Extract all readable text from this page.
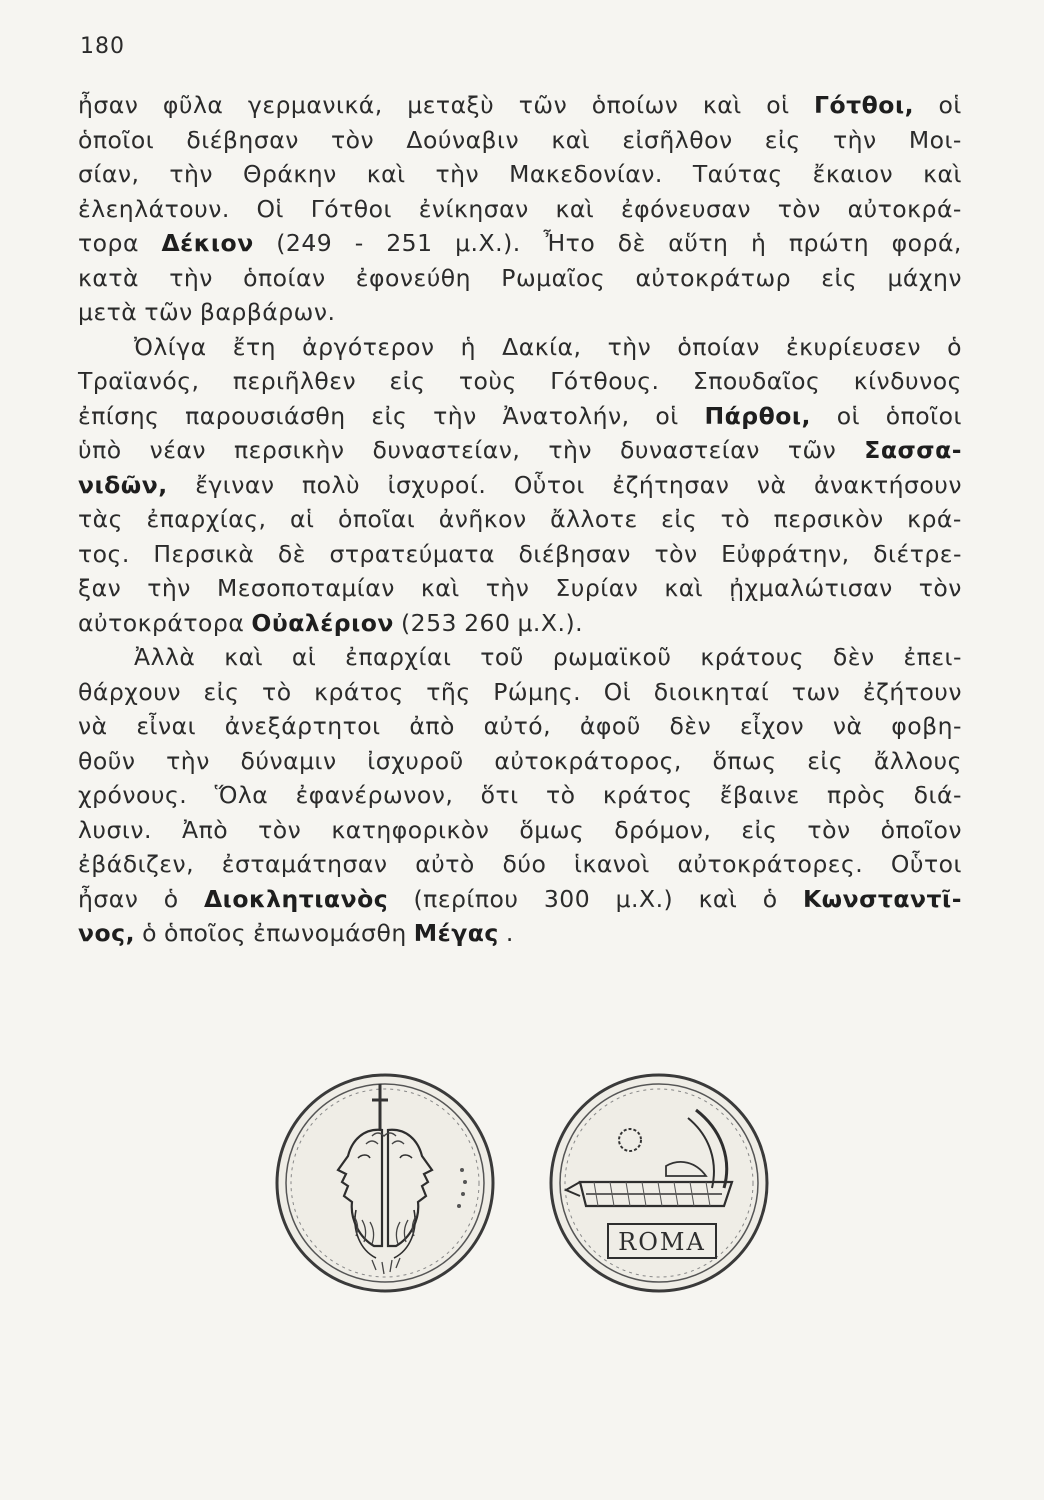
180
ἦσαν φῦλα γερμανικά, μεταξὺ τῶν ὁποίων καὶ οἱ Γότθοι, οἱ
ὁποῖοι διέβησαν τὸν Δούναβιν καὶ εἰσῆλθον εἰς τὴν Μοι-
σίαν, τὴν Θράκην καὶ τὴν Μακεδονίαν. Ταύτας ἔκαιον καὶ
ἐλεηλάτουν. Οἱ Γότθοι ἐνίκησαν καὶ ἐφόνευσαν τὸν αὐτοκρά-
τορα Δέκιον (249 - 251 μ.Χ.). Ἦτο δὲ αὕτη ἡ πρώτη φορά,
κατὰ τὴν ὁποίαν ἐφονεύθη Ρωμαῖος αὐτοκράτωρ εἰς μάχην
μετὰ τῶν βαρβάρων.
Ὀλίγα ἔτη ἀργότερον ἡ Δακία, τὴν ὁποίαν ἐκυρίευσεν ὁ
Τραϊανός, περιῆλθεν εἰς τοὺς Γότθους. Σπουδαῖος κίνδυνος
ἐπίσης παρουσιάσθη εἰς τὴν Ἀνατολήν, οἱ Πάρθοι, οἱ ὁποῖοι
ὑπὸ νέαν περσικὴν δυναστείαν, τὴν δυναστείαν τῶν Σασσα-
νιδῶν, ἔγιναν πολὺ ἰσχυροί. Οὗτοι ἐζήτησαν νὰ ἀνακτήσουν
τὰς ἐπαρχίας, αἱ ὁποῖαι ἀνῆκον ἄλλοτε εἰς τὸ περσικὸν κρά-
τος. Περσικὰ δὲ στρατεύματα διέβησαν τὸν Εὐφράτην, διέτρε-
ξαν τὴν Μεσοποταμίαν καὶ τὴν Συρίαν καὶ ᾐχμαλώτισαν τὸν
αὐτοκράτορα Οὐαλέριον (253 260 μ.Χ.).
Ἀλλὰ καὶ αἱ ἐπαρχίαι τοῦ ρωμαϊκοῦ κράτους δὲν ἐπει-
θάρχουν εἰς τὸ κράτος τῆς Ρώμης. Οἱ διοικηταί των ἐζήτουν
νὰ εἶναι ἀνεξάρτητοι ἀπὸ αὐτό, ἀφοῦ δὲν εἶχον νὰ φοβη-
θοῦν τὴν δύναμιν ἰσχυροῦ αὐτοκράτορος, ὅπως εἰς ἄλλους
χρόνους. Ὅλα ἐφανέρωνον, ὅτι τὸ κράτος ἔβαινε πρὸς διά-
λυσιν. Ἀπὸ τὸν κατηφορικὸν ὅμως δρόμον, εἰς τὸν ὁποῖον
ἐβάδιζεν, ἐσταμάτησαν αὐτὸ δύο ἱκανοὶ αὐτοκράτορες. Οὗτοι
ἦσαν ὁ Διοκλητιανὸς (περίπου 300 μ.Χ.) καὶ ὁ Κωνσταντῖ-
νος, ὁ ὁποῖος ἐπωνομάσθη Μέγας .
ROMA
